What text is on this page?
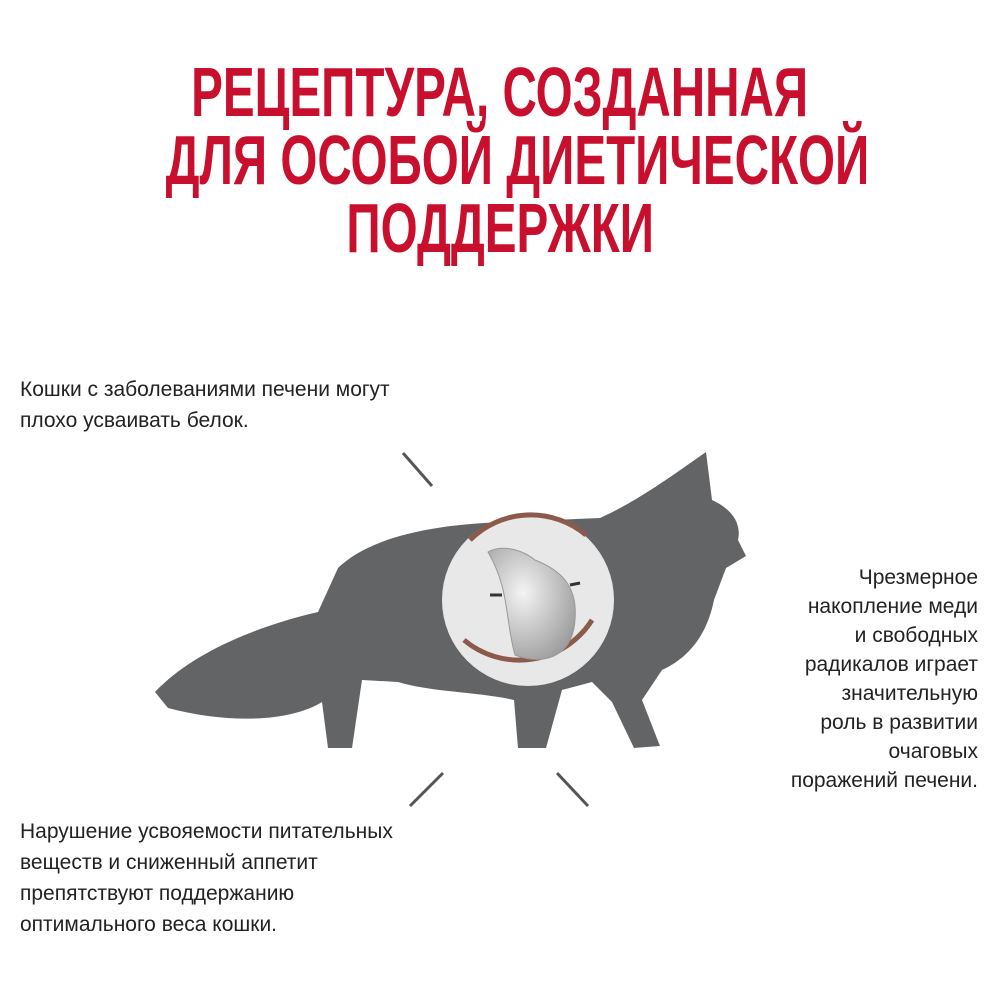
РЕЦЕПТУРА, СОЗДАННАЯ
ДЛЯ ОСОБОЙ ДИЕТИЧЕСКОЙ
ПОДДЕРЖКИ
Кошки с заболеваниями печени могут
плохо усваивать белок.
Чрезмерное
накопление меди
и свободных
радикалов играет
значительную
роль в развитии
очаговых
поражений печени.
Нарушение усвояемости питательных
веществ и сниженный аппетит
препятствуют поддержанию
оптимального веса кошки.
